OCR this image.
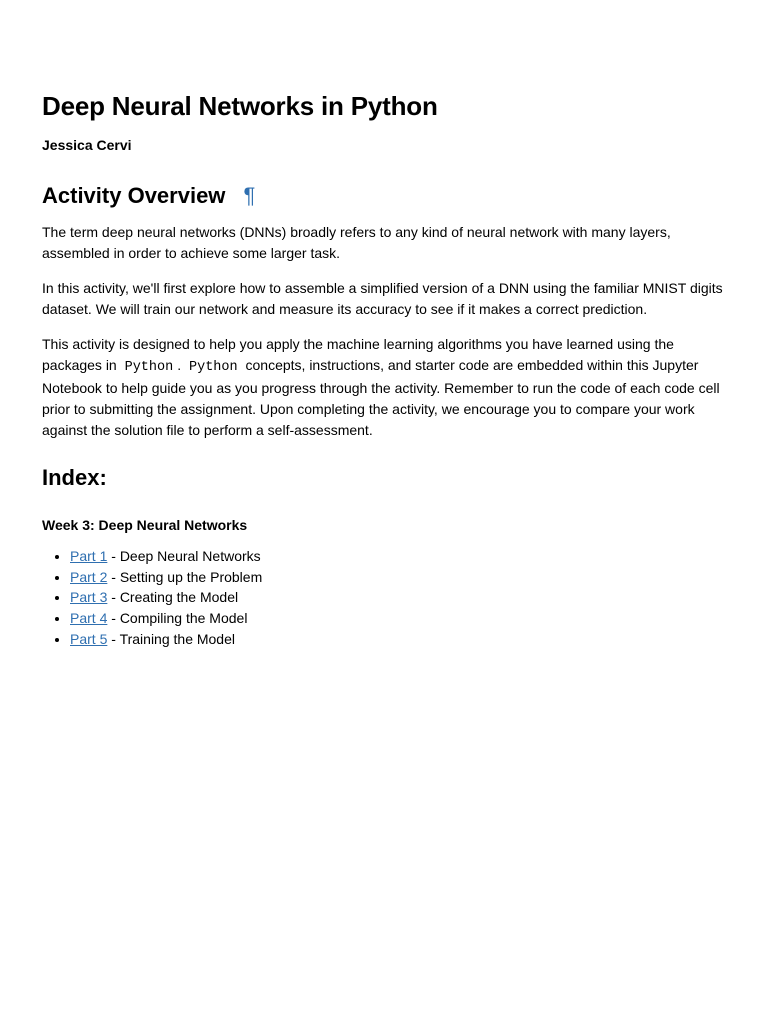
Deep Neural Networks in Python

Jessica Cervi

Activity Overview ¶

The term deep neural networks (DNNs) broadly refers to any kind of neural network with many layers, assembled in order to achieve some larger task.

In this activity, we'll first explore how to assemble a simplified version of a DNN using the familiar MNIST digits dataset. We will train our network and measure its accuracy to see if it makes a correct prediction.

This activity is designed to help you apply the machine learning algorithms you have learned using the packages in Python . Python concepts, instructions, and starter code are embedded within this Jupyter Notebook to help guide you as you progress through the activity. Remember to run the code of each code cell prior to submitting the assignment. Upon completing the activity, we encourage you to compare your work against the solution file to perform a self-assessment.

Index:

Week 3: Deep Neural Networks

• Part 1 - Deep Neural Networks
• Part 2 - Setting up the Problem
• Part 3 - Creating the Model
• Part 4 - Compiling the Model
• Part 5 - Training the Model
